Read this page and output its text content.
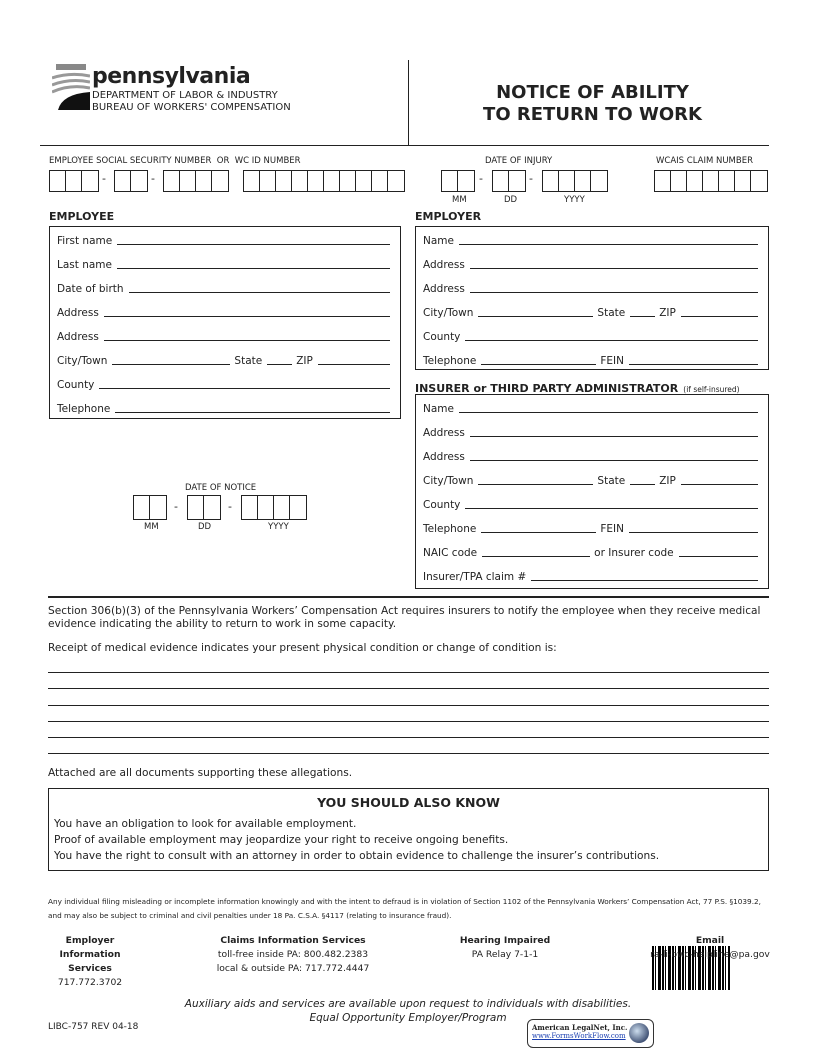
pennsylvania
DEPARTMENT OF LABOR & INDUSTRY
BUREAU OF WORKERS' COMPENSATION
NOTICE OF ABILITY
TO RETURN TO WORK
EMPLOYEE SOCIAL SECURITY NUMBER  OR  WC ID NUMBER
-	-
DATE OF INJURY
-	-
MM	DD	YYYY
WCAIS CLAIM NUMBER
EMPLOYEE
First name
Last name
Date of birth
Address
Address
City/Town	State	ZIP
County
Telephone
EMPLOYER
Name
Address
Address
City/Town	State	ZIP
County
Telephone	FEIN
INSURER or THIRD PARTY ADMINISTRATOR (if self-insured)
Name
Address
Address
City/Town	State	ZIP
County
Telephone	FEIN
NAIC code	or Insurer code
Insurer/TPA claim #
DATE OF NOTICE
-	-
MM	DD	YYYY
Section 306(b)(3) of the Pennsylvania Workers’ Compensation Act requires insurers to notify the employee when they receive medical evidence indicating the ability to return to work in some capacity.
Receipt of medical evidence indicates your present physical condition or change of condition is:
Attached are all documents supporting these allegations.
YOU SHOULD ALSO KNOW
You have an obligation to look for available employment.
Proof of available employment may jeopardize your right to receive ongoing benefits.
You have the right to consult with an attorney in order to obtain evidence to challenge the insurer’s contributions.
Any individual filing misleading or incomplete information knowingly and with the intent to defraud is in violation of Section 1102 of the Pennsylvania Workers’ Compensation Act, 77 P.S. §1039.2, and may also be subject to criminal and civil penalties under 18 Pa. C.S.A. §4117 (relating to insurance fraud).
Employer Information Services
717.772.3702
Claims Information Services
toll-free inside PA: 800.482.2383
local & outside PA: 717.772.4447
Hearing Impaired
PA Relay 7-1-1
Email
ra-li-bwc-helpline@pa.gov
Auxiliary aids and services are available upon request to individuals with disabilities.
Equal Opportunity Employer/Program
LIBC-757 REV 04-18	American LegalNet, Inc.
www.FormsWorkFlow.com
